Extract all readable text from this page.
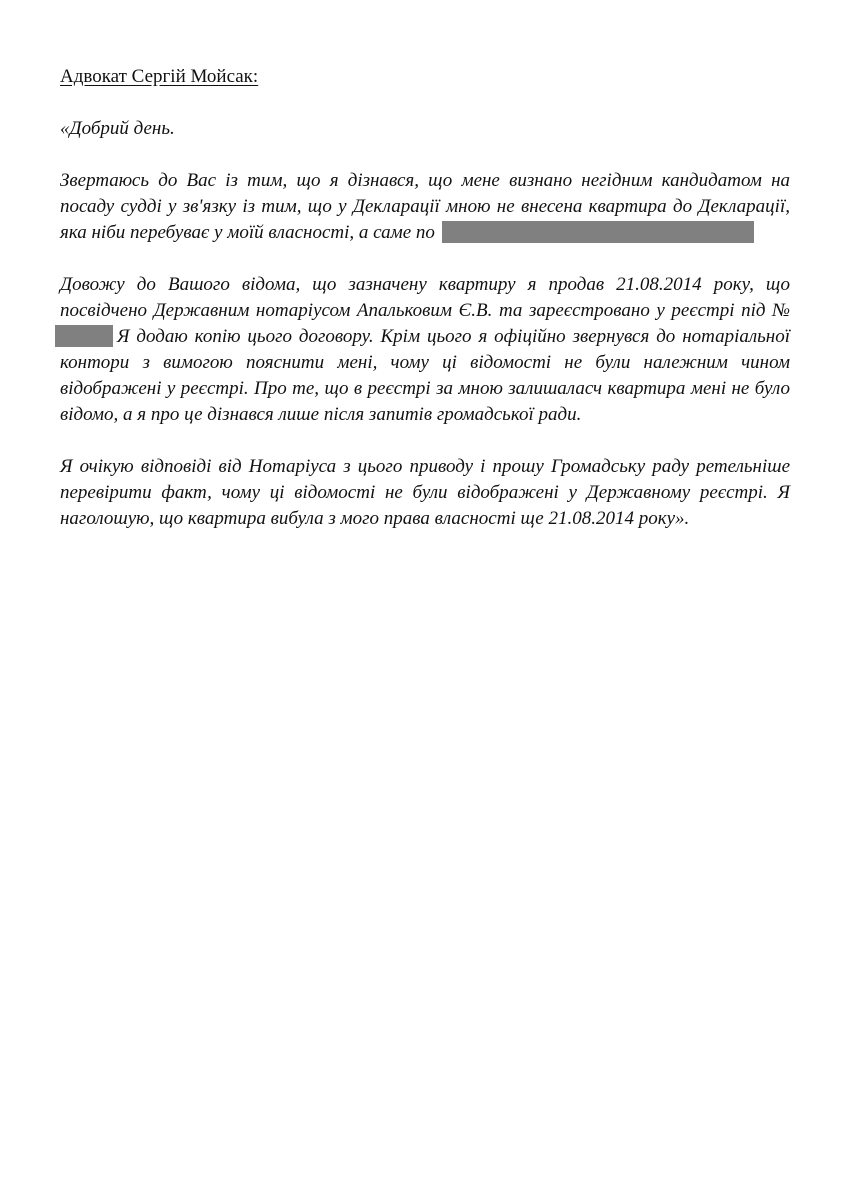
Адвокат Сергій Мойсак:

«Добрий день.

Звертаюсь до Вас із тим, що я дізнався, що мене визнано негідним кандидатом на посаду судді у зв'язку із тим, що у Декларації мною не внесена квартира до Декларації, яка ніби перебуває у моїй власності, а саме по

Довожу до Вашого відома, що зазначену квартиру я продав 21.08.2014 року, що посвідчено Державним нотаріусом Апальковим Є.В. та зареєстровано у реєстрі під № Я додаю копію цього договору. Крім цього я офіційно звернувся до нотаріальної контори з вимогою пояснити мені, чому ці відомості не були належним чином відображені у реєстрі. Про те, що в реєстрі за мною залишаласч квартира мені не було відомо, а я про це дізнався лише після запитів громадської ради.

Я очікую відповіді від Нотаріуса з цього приводу і прошу Громадську раду ретельніше перевірити факт, чому ці відомості не були відображені у Державному реєстрі. Я наголошую, що квартира вибула з мого права власності ще 21.08.2014 року».
